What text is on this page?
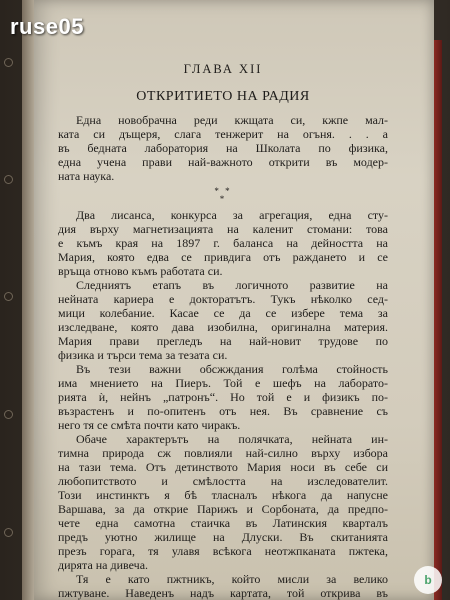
ГЛАВА XII
ОТКРИТИЕТО НА РАДИЯ
Една новобрачна реди кжщата си, кжпе мал-
ката си дъщеря, слага тенжерит на огъня. . . а
въ бедната лаборатория на Школата по физика,
една учена прави най-важното открити въ модер-
ната наука.
* *
*
Два лисанса, конкурса за агрегация, една сту-
дия върху магнетизацията на каленит стомани: това
е къмъ края на 1897 г. баланса на дейността на
Мария, която едва се привдига отъ раждането и се
връща отново къмъ работата си.
Следниятъ етапъ въ логичното развитие на
нейната кариера е докторатътъ. Тукъ нѣколко сед-
мици колебание. Касае се да се избере тема за
изследване, която дава изобилна, оригинална материя.
Мария прави прегледъ на най-новит трудове по
физика и търси тема за тезата си.
Въ тези важни обсжждания голѣма стойность
има мнението на Пиеръ. Той е шефъ на лаборато-
рията ѝ, нейнъ „патронъ“. Но той е и физикъ по-
възрастенъ и по-опитенъ отъ нея. Въ сравнение съ
него тя се смѣта почти като чиракъ.
Обаче характерътъ на полячката, нейната ин-
тимна природа сж повлияли най-силно върху избора
на тази тема. Отъ детинството Мария носи въ себе си
любопитството и смѣлостта на изследователит.
Този инстинктъ я бѣ тласналъ нѣкога да напусне
Варшава, за да открие Парижъ и Сорбоната, да предпо-
чете една самотна стаичка въ Латинския кварталъ
предъ уютно жилище на Длуски. Въ скитанията
презъ горага, тя улавя всѣкога неотжпканата пжтека,
дирята на дивеча.
Тя е като пжтникъ, който мисли за велико
пжтуване. Наведенъ надъ картата, той открива въ
ruse05
b
